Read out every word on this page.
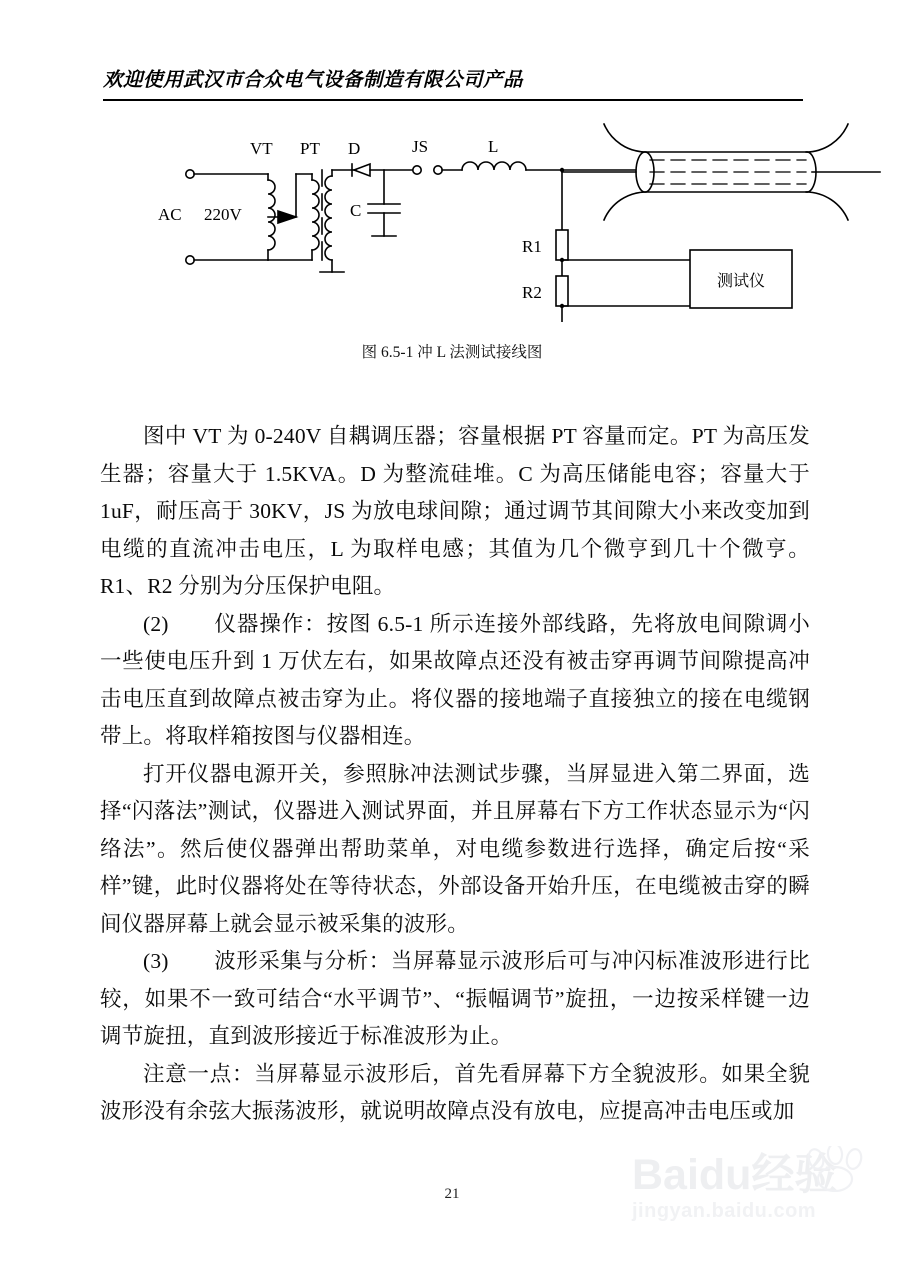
欢迎使用武汉市合众电气设备制造有限公司产品
AC 220V
VT PT D
C
JS	L
R1
R2
测试仪
图 6.5-1 冲 L 法测试接线图

图中 VT 为 0-240V 自耦调压器；容量根据 PT 容量而定。PT 为高压发生器；容量大于 1.5KVA。D 为整流硅堆。C 为高压储能电容；容量大于 1uF，耐压高于 30KV，JS 为放电球间隙；通过调节其间隙大小来改变加到电缆的直流冲击电压，L 为取样电感；其值为几个微亨到几十个微亨。R1、R2 分别为分压保护电阻。

(2) 仪器操作：按图 6.5-1 所示连接外部线路，先将放电间隙调小一些使电压升到 1 万伏左右，如果故障点还没有被击穿再调节间隙提高冲击电压直到故障点被击穿为止。将仪器的接地端子直接独立的接在电缆钢带上。将取样箱按图与仪器相连。

打开仪器电源开关，参照脉冲法测试步骤，当屏显进入第二界面，选择“闪落法”测试，仪器进入测试界面，并且屏幕右下方工作状态显示为“闪络法”。然后使仪器弹出帮助菜单，对电缆参数进行选择，确定后按“采样”键，此时仪器将处在等待状态，外部设备开始升压，在电缆被击穿的瞬间仪器屏幕上就会显示被采集的波形。

(3) 波形采集与分析：当屏幕显示波形后可与冲闪标准波形进行比较，如果不一致可结合“水平调节”、“振幅调节”旋扭，一边按采样键一边调节旋扭，直到波形接近于标准波形为止。

注意一点：当屏幕显示波形后，首先看屏幕下方全貌波形。如果全貌波形没有余弦大振荡波形，就说明故障点没有放电，应提高冲击电压或加

21	Baidu经验
jingyan.baidu.com
